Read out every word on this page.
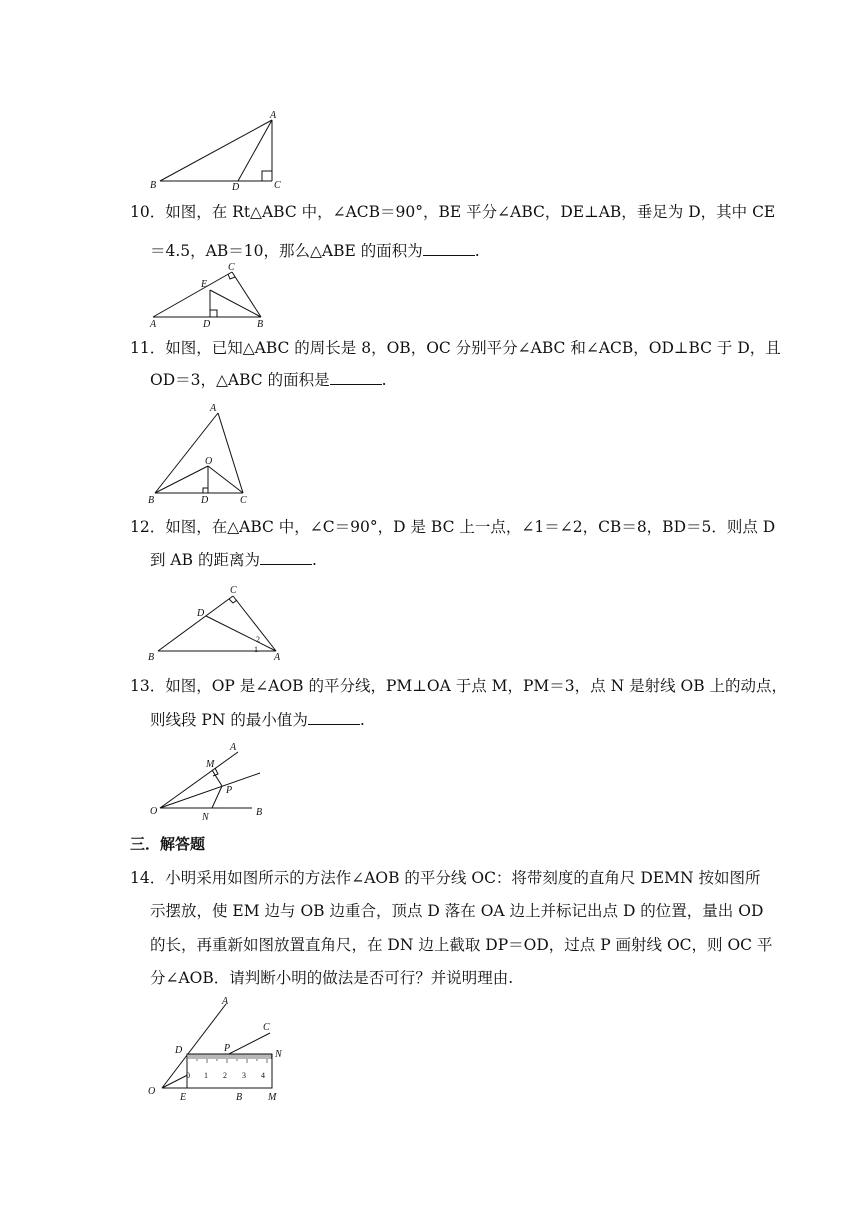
A
B	D	C
10．如图，在 Rt△ABC 中，∠ACB＝90°，BE 平分∠ABC，DE⊥AB，垂足为 D，其中 CE
＝4.5，AB＝10，那么△ABE 的面积为	.
C
E
A	D	B
11．如图，已知△ABC 的周长是 8，OB，OC 分别平分∠ABC 和∠ACB，OD⊥BC 于 D，且
OD＝3，△ABC 的面积是	.
A
O
B	D	C
12．如图，在△ABC 中，∠C＝90°，D 是 BC 上一点，∠1＝∠2，CB＝8，BD＝5．则点 D
到 AB 的距离为	.
C
D
2
1
B	A
13．如图，OP 是∠AOB 的平分线，PM⊥OA 于点 M，PM＝3，点 N 是射线 OB 上的动点，
则线段 PN 的最小值为	.
A
M
P
O
N	B
三．解答题
14．小明采用如图所示的方法作∠AOB 的平分线 OC：将带刻度的直角尺 DEMN 按如图所
示摆放，使 EM 边与 OB 边重合，顶点 D 落在 OA 边上并标记出点 D 的位置，量出 OD
的长，再重新如图放置直角尺，在 DN 边上截取 DP＝OD，过点 P 画射线 OC，则 OC 平
分∠AOB．请判断小明的做法是否可行？并说明理由.
0 1 2 3 4
A
C
D	P
N
O
E	B	M
